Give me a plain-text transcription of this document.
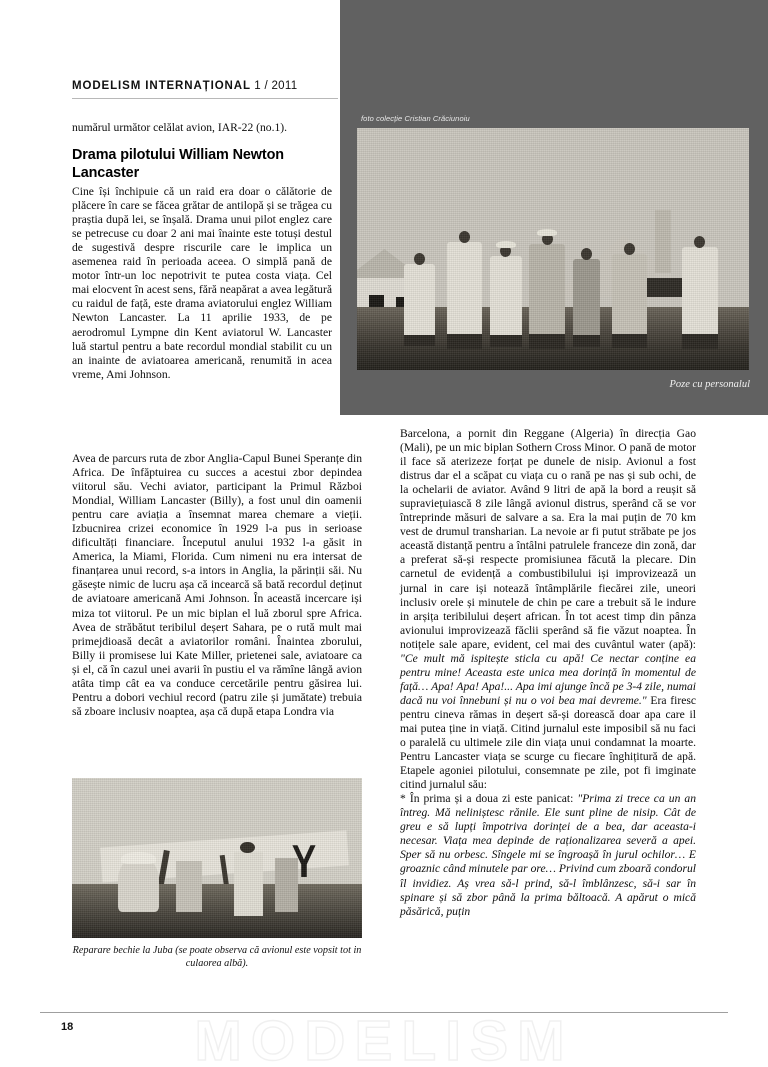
foto colecție Cristian Crăciunoiu
Poze cu personalul
MODELISM INTERNAȚIONAL 1 / 2011

numărul următor celălat avion, IAR-22 (no.1).

Drama pilotului William Newton Lancaster

Cine își închipuie că un raid era doar o călătorie de plăcere în care se făcea grătar de antilopă și se trăgea cu praștia după lei, se înșală. Drama unui pilot englez care se petrecuse cu doar 2 ani mai înainte este totuși destul de sugestivă despre riscurile care le implica un asemenea raid în perioada aceea. O simplă pană de motor într-un loc nepotrivit te putea costa viața. Cel mai elocvent în acest sens, fără neapărat a avea legătură cu raidul de față, este drama aviatorului englez William Newton Lancaster. La 11 aprilie 1933, de pe aerodromul Lympne din Kent aviatorul W. Lancaster luă startul pentru a bate recordul mondial stabilit cu un an inainte de aviatoarea americană, renumită in acea vreme, Ami Johnson.

Avea de parcurs ruta de zbor Anglia-Capul Bunei Speranțe din Africa. De înfăptuirea cu succes a acestui zbor depindea viitorul său. Vechi aviator, participant la Primul Război Mondial, William Lancaster (Billy), a fost unul din oamenii pentru care aviația a însemnat marea chemare a vieții. Izbucnirea crizei economice în 1929 l-a pus in serioase dificultăți financiare. Începutul anului 1932 l-a găsit in America, la Miami, Florida. Cum nimeni nu era intersat de finanțarea unui record, s-a intors in Anglia, la părinții săi. Nu găsește nimic de lucru așa că incearcă să bată recordul deținut de aviatoare americană Ami Johnson. În această incercare iși miza tot viitorul. Pe un mic biplan el luă zborul spre Africa. Avea de străbătut teribilul deșert Sahara, pe o rută mult mai primejdioasă decât a aviatorilor români. Înaintea zborului, Billy ii promisese lui Kate Miller, prietenei sale, aviatoare ca și el, că în cazul unei avarii în pustiu el va rămîne lângă avion atâta timp cât ea va conduce cercetările pentru găsirea lui. Pentru a dobori vechiul record (patru zile și jumătate) trebuia să zboare inclusiv noaptea, așa că după etapa Londra via

Barcelona, a pornit din Reggane (Algeria) în direcția Gao (Mali), pe un mic biplan Sothern Cross Minor. O pană de motor il face să aterizeze forțat pe dunele de nisip. Avionul a fost distrus dar el a scăpat cu viața cu o rană pe nas și sub ochi, de la ochelarii de aviator. Având 9 litri de apă la bord a reușit să supraviețuiască 8 zile lângă avionul distrus, sperând că se vor întreprinde măsuri de salvare a sa. Era la mai puțin de 70 km vest de drumul transharian. La nevoie ar fi putut străbate pe jos această distanță pentru a întâlni patrulele franceze din zonă, dar a preferat să-și respecte promisiunea făcută la plecare. Din carnetul de evidență a combustibilului iși improvizează un jurnal in care iși notează întâmplările fiecărei zile, uneori inclusiv orele și minutele de chin pe care a trebuit să le indure in arșița teribilului deșert african. În tot acest timp din pânza avionului improvizează făclii sperând să fie văzut noaptea. În notițele sale apare, evident, cel mai des cuvântul water (apă): "Ce mult mă ispitește sticla cu apă! Ce nectar conține ea pentru mine! Aceasta este unica mea dorință în momentul de față… Apa! Apa! Apa!... Apa imi ajunge încă pe 3-4 zile, numai dacă nu voi înnebuni și nu o voi bea mai devreme." Era firesc pentru cineva rămas in deșert să-și dorească doar apa care il mai putea ține in viață. Citind jurnalul este imposibil să nu faci o paralelă cu ultimele zile din viața unui condamnat la moarte. Pentru Lancaster viața se scurge cu fiecare înghițitură de apă. Etapele agoniei pilotului, consemnate pe zile, pot fi imginate citind jurnalul său:

* În prima și a doua zi este panicat: "Prima zi trece ca un an întreg. Mă neliniștesc rănile. Ele sunt pline de nisip. Cât de greu e să lupți împotriva dorinței de a bea, dar aceasta-i necesar. Viața mea depinde de raționalizarea severă a apei. Sper să nu orbesc. Sîngele mi se îngroașă în jurul ochilor… E groaznic când minutele par ore… Privind cum zboară condorul îl invidiez. Aș vrea să-l prind, să-l îmblânzesc, să-i sar în spinare și să zbor până la prima băltoacă. A apărut o mică păsărică, puțin

Reparare bechie la Juba (se poate observa că avionul este vopsit tot in culaorea albă).
18	MODELISM
